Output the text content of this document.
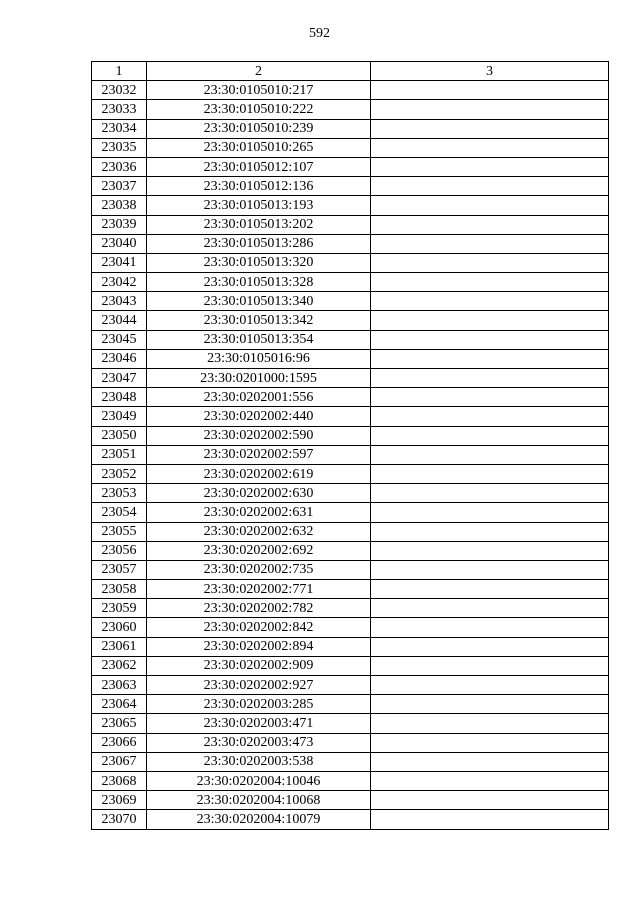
592
1	2	3
23032	23:30:0105010:217	
23033	23:30:0105010:222	
23034	23:30:0105010:239	
23035	23:30:0105010:265	
23036	23:30:0105012:107	
23037	23:30:0105012:136	
23038	23:30:0105013:193	
23039	23:30:0105013:202	
23040	23:30:0105013:286	
23041	23:30:0105013:320	
23042	23:30:0105013:328	
23043	23:30:0105013:340	
23044	23:30:0105013:342	
23045	23:30:0105013:354	
23046	23:30:0105016:96	
23047	23:30:0201000:1595	
23048	23:30:0202001:556	
23049	23:30:0202002:440	
23050	23:30:0202002:590	
23051	23:30:0202002:597	
23052	23:30:0202002:619	
23053	23:30:0202002:630	
23054	23:30:0202002:631	
23055	23:30:0202002:632	
23056	23:30:0202002:692	
23057	23:30:0202002:735	
23058	23:30:0202002:771	
23059	23:30:0202002:782	
23060	23:30:0202002:842	
23061	23:30:0202002:894	
23062	23:30:0202002:909	
23063	23:30:0202002:927	
23064	23:30:0202003:285	
23065	23:30:0202003:471	
23066	23:30:0202003:473	
23067	23:30:0202003:538	
23068	23:30:0202004:10046	
23069	23:30:0202004:10068	
23070	23:30:0202004:10079	
